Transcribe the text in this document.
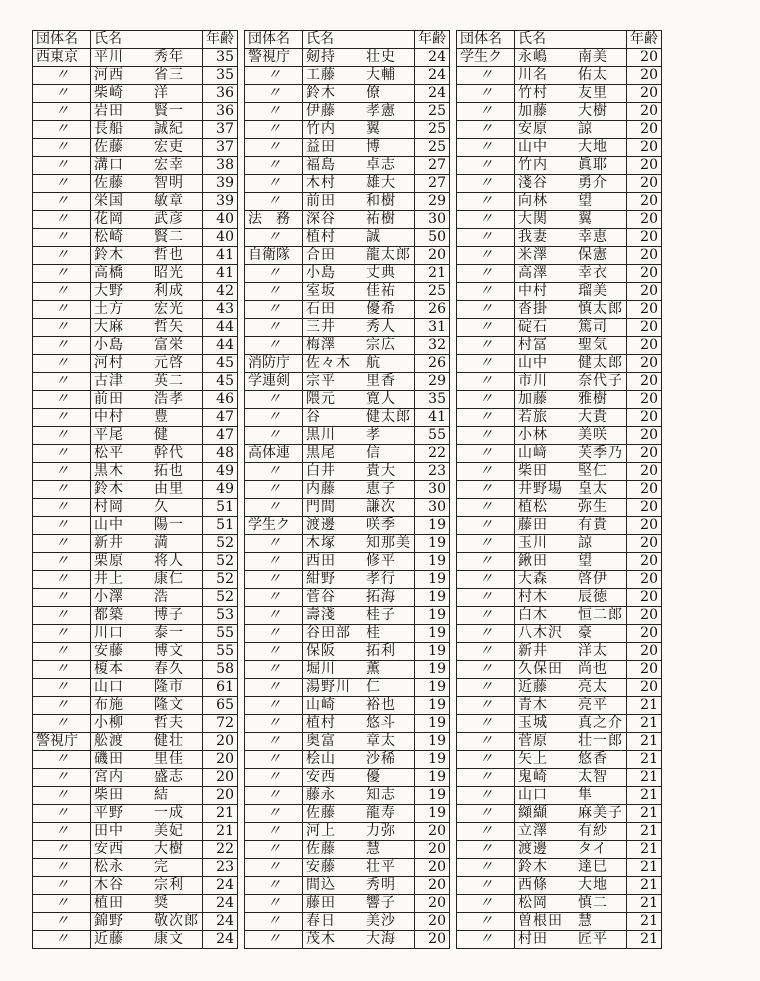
団体名	氏名	年齢
西東京	平川　　秀年	35
〃	河西　　省三	35
〃	柴崎　　洋	36
〃	岩田　　賢一	36
〃	長船　　誠紀	37
〃	佐藤　　宏吏	37
〃	溝口　　宏幸	38
〃	佐藤　　智明	39
〃	栄国　　敏章	39
〃	花岡　　武彦	40
〃	松崎　　賢二	40
〃	鈴木　　哲也	41
〃	高橋　　昭光	41
〃	大野　　利成	42
〃	土方　　宏光	43
〃	大麻　　哲矢	44
〃	小島　　富栄	44
〃	河村　　元啓	45
〃	古津　　英二	45
〃	前田　　浩孝	46
〃	中村　　豊	47
〃	平尾　　健	47
〃	松平　　幹代	48
〃	黒木　　拓也	49
〃	鈴木　　由里	49
〃	村岡　　久	51
〃	山中　　陽一	51
〃	新井　　満	52
〃	栗原　　将人	52
〃	井上　　康仁	52
〃	小澤　　浩	52
〃	都築　　博子	53
〃	川口　　泰一	55
〃	安藤　　博文	55
〃	榎本　　春久	58
〃	山口　　隆市	61
〃	布施　　隆文	65
〃	小柳　　哲夫	72
警視庁	舩渡　　健壮	20
〃	磯田　　里佳	20
〃	宮内　　盛志	20
〃	柴田　　結	20
〃	平野　　一成	21
〃	田中　　美妃	21
〃	安西　　大樹	22
〃	松永　　完	23
〃	木谷　　宗利	24
〃	植田　　奨	24
〃	錦野　　敬次郎	24
〃	近藤　　康文	24
団体名	氏名	年齢
警視庁	剱持　　壮史	24
〃	工藤　　大輔	24
〃	鈴木　　僚	24
〃	伊藤　　孝憲	25
〃	竹内　　翼	25
〃	益田　　博	25
〃	福島　　卓志	27
〃	木村　　雄大	27
〃	前田　　和樹	29
法　務	深谷　　祐樹	30
〃	植村　　誠	50
自衛隊	合田　　龍太郎	20
〃	小島　　丈典	21
〃	室坂　　佳祐	25
〃	石田　　優希	26
〃	三井　　秀人	31
〃	梅澤　　宗広	32
消防庁	佐々木　航	26
学連剣	宗平　　里香	29
〃	隈元　　寛人	35
〃	谷　　　健太郎	41
〃	黒川　　孝	55
高体連	黒尾　　信	22
〃	白井　　貴大	23
〃	内藤　　恵子	30
〃	門間　　謙次	30
学生ク	渡邊　　咲季	19
〃	木塚　　知那美	19
〃	西田　　修平	19
〃	紺野　　孝行	19
〃	菅谷　　拓海	19
〃	壽淺　　桂子	19
〃	谷田部　桂	19
〃	保阪　　拓利	19
〃	堀川　　薫	19
〃	湯野川　仁	19
〃	山崎　　裕也	19
〃	植村　　悠斗	19
〃	奥富　　章太	19
〃	桧山　　沙稀	19
〃	安西　　優	19
〃	藤永　　知志	19
〃	佐藤　　龍寿	19
〃	河上　　力弥	20
〃	佐藤　　慧	20
〃	安藤　　壮平	20
〃	間込　　秀明	20
〃	藤田　　響子	20
〃	春日　　美沙	20
〃	茂木　　大海	20
団体名	氏名	年齢
学生ク	永嶋　　南美	20
〃	川名　　佑太	20
〃	竹村　　友里	20
〃	加藤　　大樹	20
〃	安原　　諒	20
〃	山中　　大地	20
〃	竹内　　眞耶	20
〃	淺谷　　勇介	20
〃	向林　　望	20
〃	大関　　翼	20
〃	我妻　　幸恵	20
〃	米澤　　保憲	20
〃	高澤　　幸衣	20
〃	中村　　瑠美	20
〃	沓掛　　慎太郎	20
〃	碇石　　篤司	20
〃	村冨　　聖気	20
〃	山中　　健太郎	20
〃	市川　　奈代子	20
〃	加藤　　雅樹	20
〃	若旅　　大貴	20
〃	小林　　美咲	20
〃	山﨑　　芙季乃	20
〃	柴田　　堅仁	20
〃	井野場　皇太	20
〃	植松　　弥生	20
〃	藤田　　有貴	20
〃	玉川　　諒	20
〃	鍬田　　望	20
〃	大森　　啓伊	20
〃	村木　　辰徳	20
〃	白木　　恒二郎	20
〃	八木沢　豪	20
〃	新井　　洋太	20
〃	久保田　尚也	20
〃	近藤　　亮太	20
〃	青木　　亮平	21
〃	玉城　　真之介	21
〃	菅原　　壮一郎	21
〃	矢上　　悠香	21
〃	鬼崎　　太智	21
〃	山口　　隼	21
〃	纐纈　　麻美子	21
〃	立澤　　有紗	21
〃	渡邊　　タイ	21
〃	鈴木　　達巳	21
〃	西條　　大地	21
〃	松岡　　慎二	21
〃	曽根田　慧	21
〃	村田　　匠平	21
